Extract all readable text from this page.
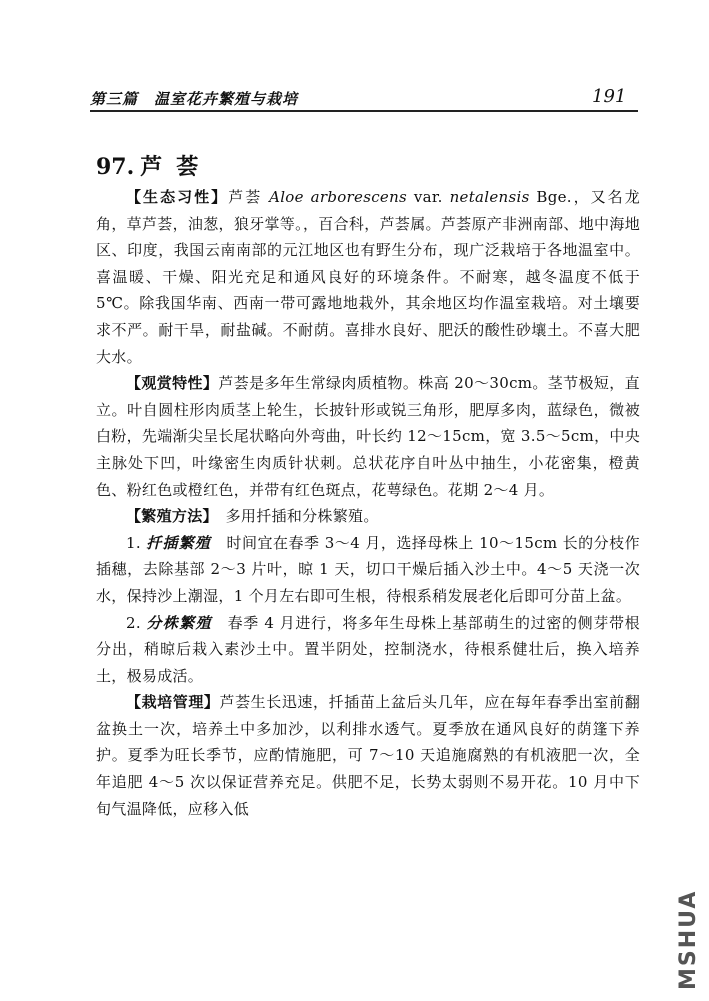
第三篇　温室花卉繁殖与栽培	191
97. 芦荟

【生态习性】芦荟 Aloe arborescens var. netalensis Bge.，又名龙角，草芦荟，油葱，狼牙掌等。，百合科，芦荟属。芦荟原产非洲南部、地中海地区、印度，我国云南南部的元江地区也有野生分布，现广泛栽培于各地温室中。喜温暖、干燥、阳光充足和通风良好的环境条件。不耐寒，越冬温度不低于 5℃。除我国华南、西南一带可露地地栽外，其余地区均作温室栽培。对土壤要求不严。耐干旱，耐盐碱。不耐荫。喜排水良好、肥沃的酸性砂壤土。不喜大肥大水。

【观赏特性】芦荟是多年生常绿肉质植物。株高 20～30cm。茎节极短，直立。叶自圆柱形肉质茎上轮生，长披针形或锐三角形，肥厚多肉，蓝绿色，微被白粉，先端渐尖呈长尾状略向外弯曲，叶长约 12～15cm，宽 3.5～5cm，中央主脉处下凹，叶缘密生肉质针状刺。总状花序自叶丛中抽生，小花密集，橙黄色、粉红色或橙红色，并带有红色斑点，花萼绿色。花期 2～4 月。

【繁殖方法】　 多用扦插和分株繁殖。

1. 扦插繁殖　 时间宜在春季 3～4 月，选择母株上 10～15cm 长的分枝作插穗，去除基部 2～3 片叶，晾 1 天，切口干燥后插入沙土中。4～5 天浇一次水，保持沙上潮湿，1 个月左右即可生根，待根系稍发展老化后即可分苗上盆。

2. 分株繁殖　 春季 4 月进行，将多年生母株上基部萌生的过密的侧芽带根分出，稍晾后栽入素沙土中。置半阴处，控制浇水，待根系健壮后，换入培养土，极易成活。

【栽培管理】芦荟生长迅速，扦插苗上盆后头几年，应在每年春季出室前翻盆换土一次，培养土中多加沙，以利排水透气。夏季放在通风良好的荫篷下养护。夏季为旺长季节，应酌情施肥，可 7～10 天追施腐熟的有机液肥一次，全年追肥 4～5 次以保证营养充足。供肥不足，长势太弱则不易开花。10 月中下旬气温降低，应移入低

MSHUA
